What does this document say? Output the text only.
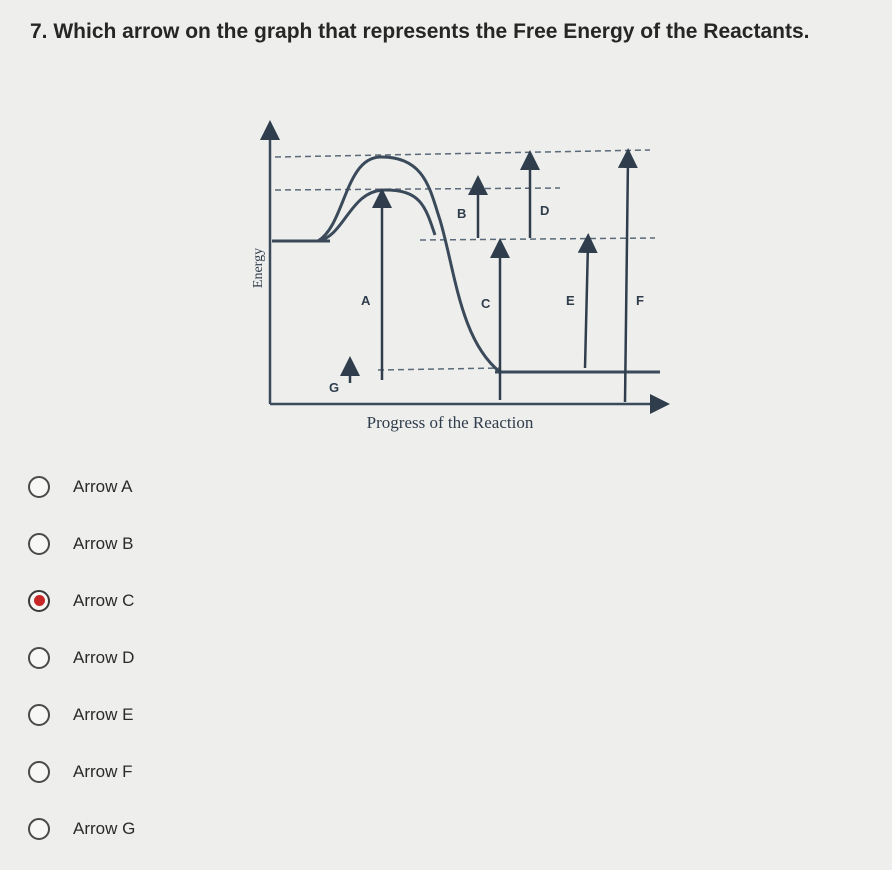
7. Which arrow on the graph that represents the Free Energy of the Reactants.
A
B
C
D
E	F
G
Energy
Progress of the Reaction
Arrow A
Arrow B
Arrow C
Arrow D
Arrow E
Arrow F
Arrow G
